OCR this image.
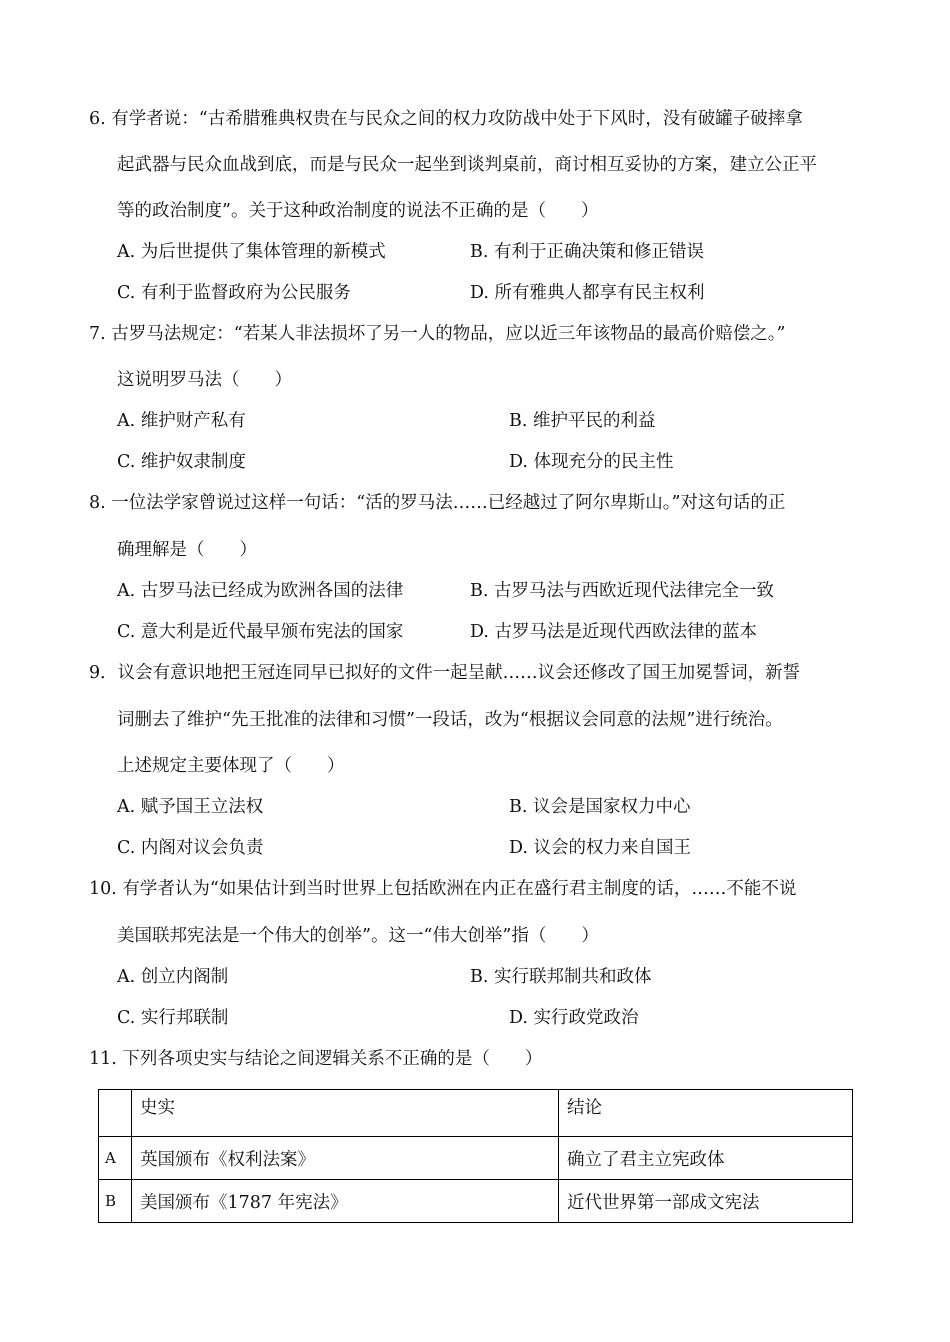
6. 有学者说：“古希腊雅典权贵在与民众之间的权力攻防战中处于下风时，没有破罐子破摔拿
起武器与民众血战到底，而是与民众一起坐到谈判桌前，商讨相互妥协的方案，建立公正平
等的政治制度”。关于这种政治制度的说法不正确的是（　　）
A. 为后世提供了集体管理的新模式	B. 有利于正确决策和修正错误
C. 有利于监督政府为公民服务	D. 所有雅典人都享有民主权利
7. 古罗马法规定：“若某人非法损坏了另一人的物品，应以近三年该物品的最高价赔偿之。”
这说明罗马法（　　）
A. 维护财产私有	B. 维护平民的利益
C. 维护奴隶制度	D. 体现充分的民主性
8. 一位法学家曾说过这样一句话：“活的罗马法……已经越过了阿尔卑斯山。”对这句话的正
确理解是（　　）
A. 古罗马法已经成为欧洲各国的法律	B. 古罗马法与西欧近现代法律完全一致
C. 意大利是近代最早颁布宪法的国家	D. 古罗马法是近现代西欧法律的蓝本
9．议会有意识地把王冠连同早已拟好的文件一起呈献……议会还修改了国王加冕誓词，新誓
词删去了维护“先王批准的法律和习惯”一段话，改为“根据议会同意的法规”进行统治。
上述规定主要体现了（　　）
A. 赋予国王立法权	B. 议会是国家权力中心
C. 内阁对议会负责	D. 议会的权力来自国王
10. 有学者认为“如果估计到当时世界上包括欧洲在内正在盛行君主制度的话，……不能不说
美国联邦宪法是一个伟大的创举”。这一“伟大创举”指（　　）
A. 创立内阁制	B. 实行联邦制共和政体
C. 实行邦联制	D. 实行政党政治
11. 下列各项史实与结论之间逻辑关系不正确的是（　　）
	史实	结论
A	英国颁布《权利法案》	确立了君主立宪政体
B	美国颁布《1787 年宪法》	近代世界第一部成文宪法
